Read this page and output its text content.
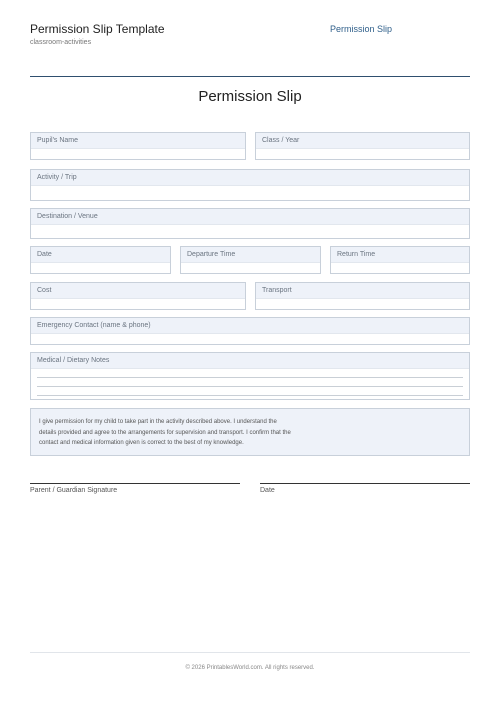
Permission Slip Template
classroom-activities
Permission Slip
Permission Slip
Pupil's Name	Class / Year
Activity / Trip
Destination / Venue
Date	Departure Time	Return Time
Cost	Transport
Emergency Contact (name & phone)
Medical / Dietary Notes
I give permission for my child to take part in the activity described above. I understand the
details provided and agree to the arrangements for supervision and transport. I confirm that the
contact and medical information given is correct to the best of my knowledge.
Parent / Guardian Signature	Date
© 2026 PrintablesWorld.com. All rights reserved.
